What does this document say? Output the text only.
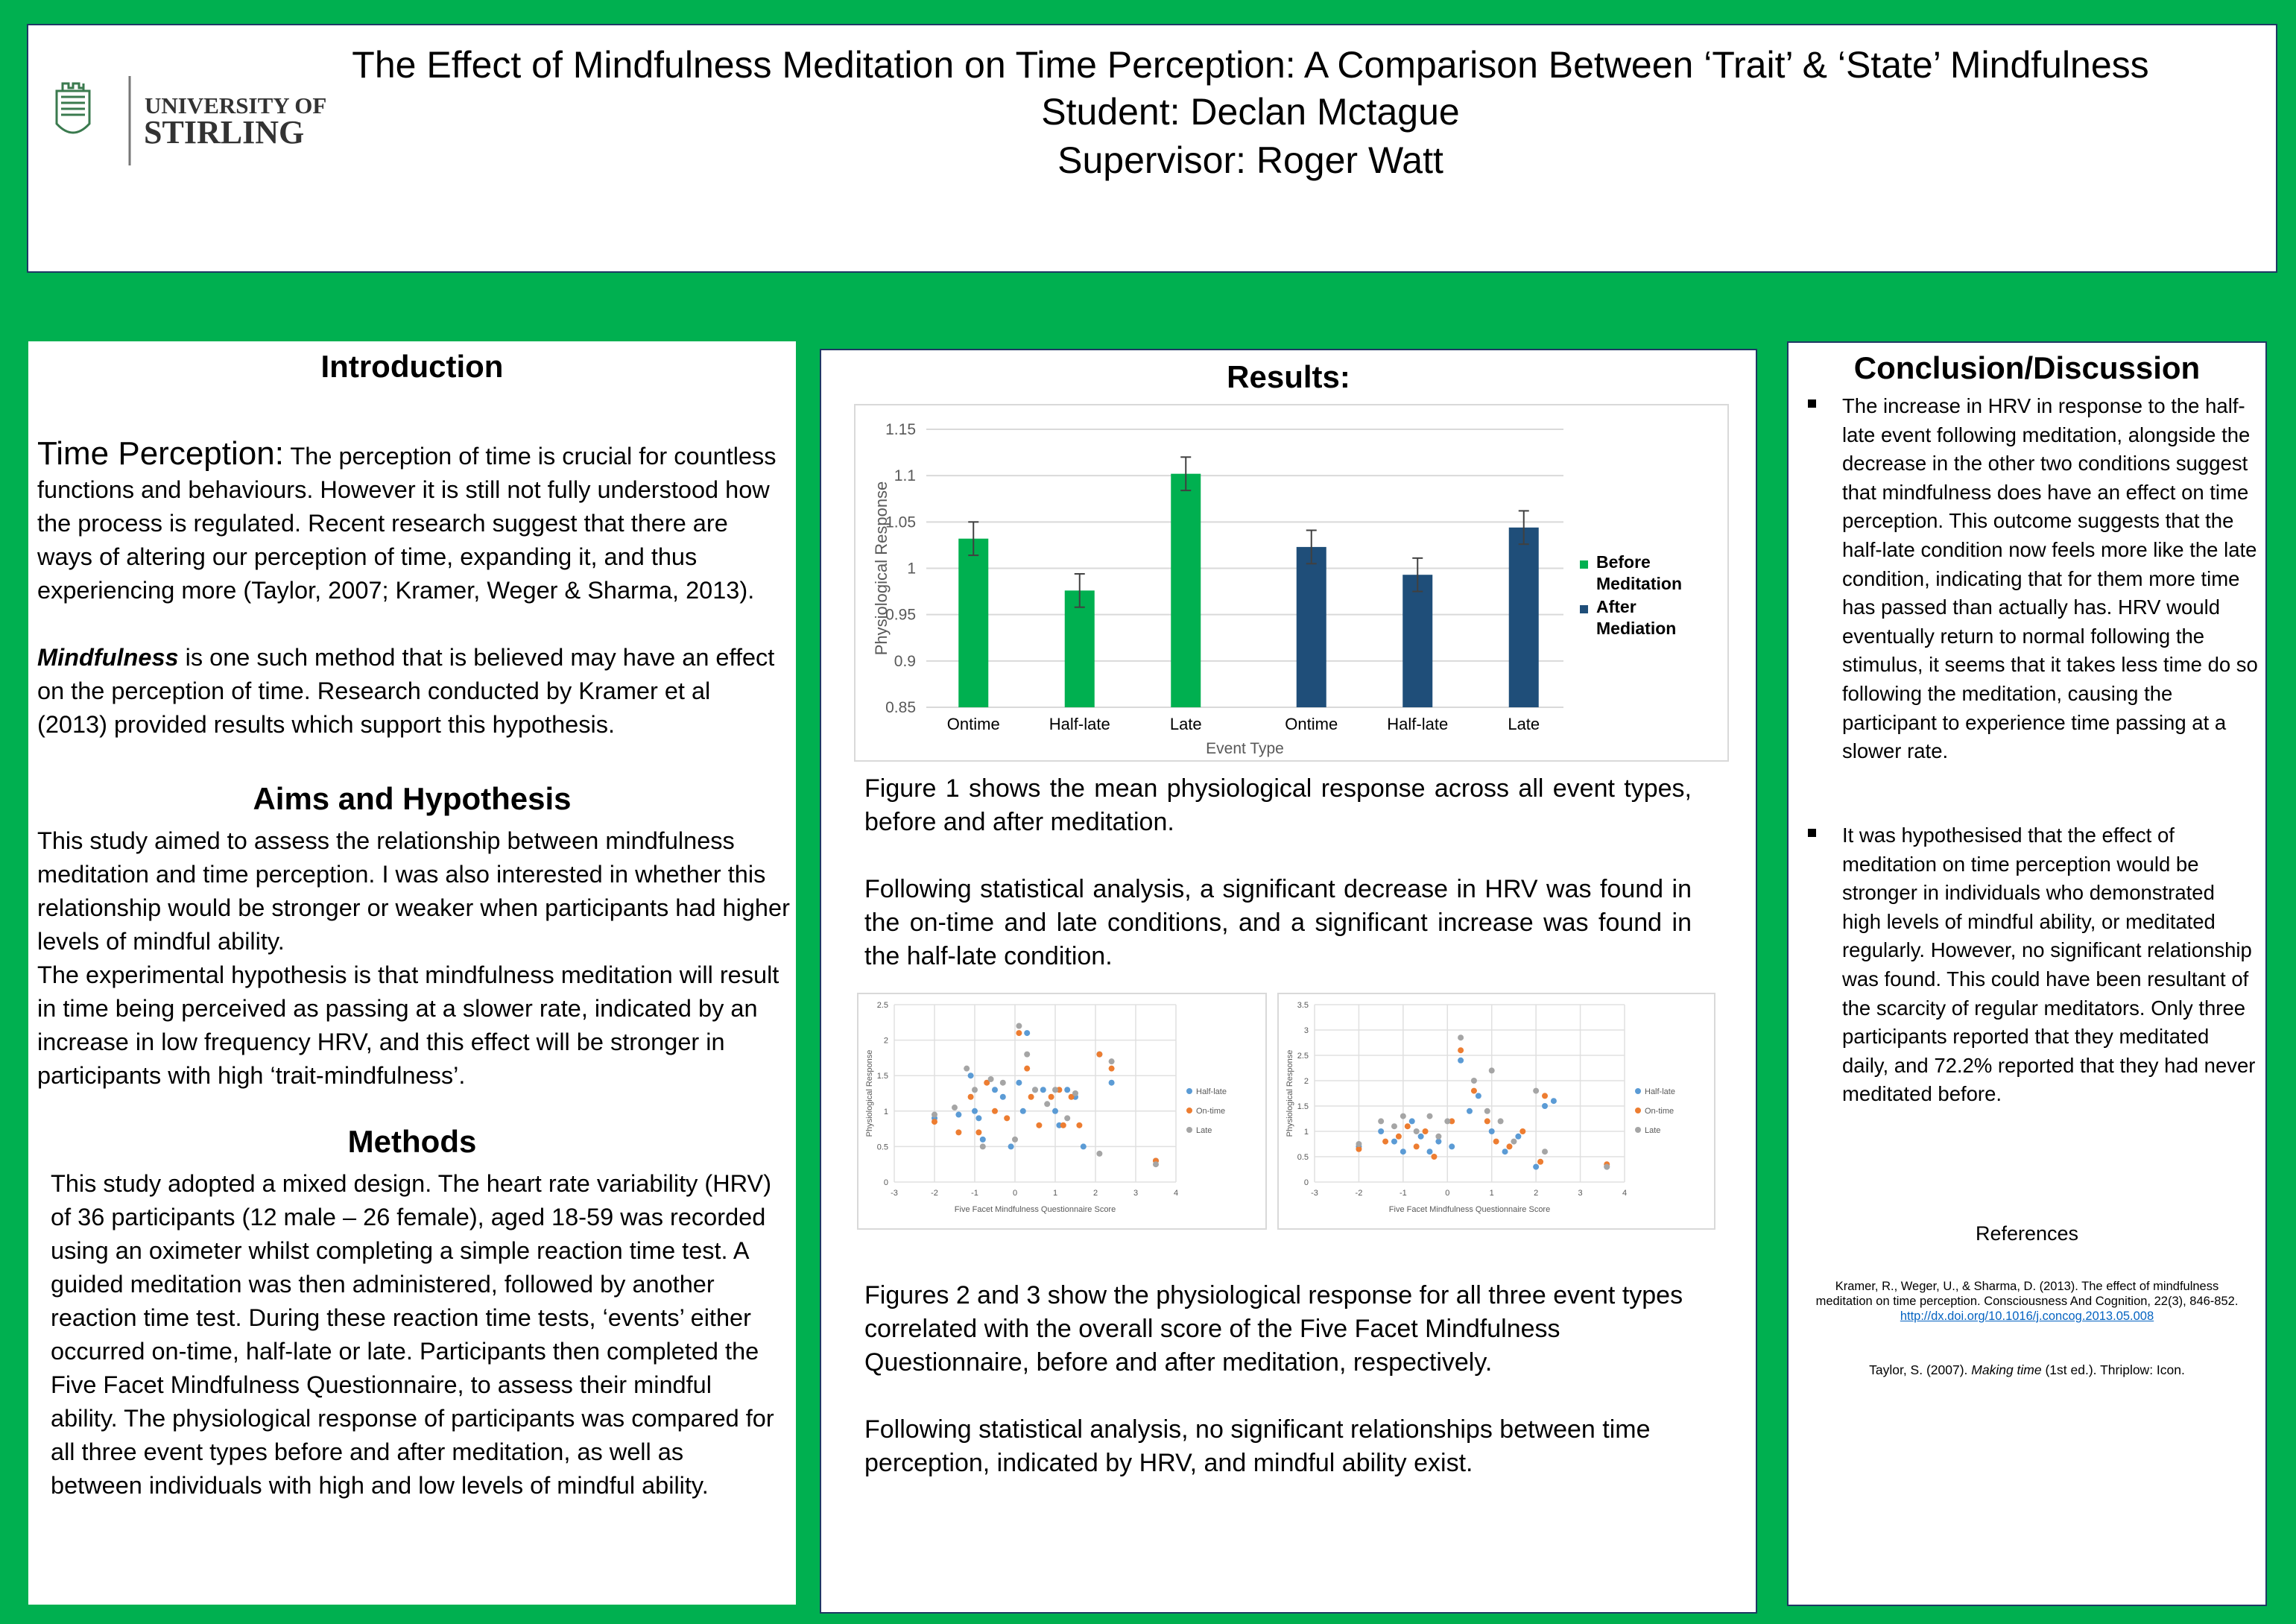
UNIVERSITY OF
STIRLING
The Effect of Mindfulness Meditation on Time Perception: A Comparison Between ‘Trait’ & ‘State’ Mindfulness
Student: Declan Mctague
Supervisor: Roger Watt
Introduction

Time Perception: The perception of time is crucial for countless functions and behaviours. However it is still not fully understood how the process is regulated. Recent research suggest that there are ways of altering our perception of time, expanding it, and thus experiencing more (Taylor, 2007; Kramer, Weger & Sharma, 2013).

Mindfulness is one such method that is believed may have an effect on the perception of time. Research conducted by Kramer et al (2013) provided results which support this hypothesis.

Aims and Hypothesis

This study aimed to assess the relationship between mindfulness meditation and time perception. I was also interested in whether this relationship would be stronger or weaker when participants had higher levels of mindful ability.

The experimental hypothesis is that mindfulness meditation will result in time being perceived as passing at a slower rate, indicated by an increase in low frequency HRV, and this effect will be stronger in participants with high ‘trait-mindfulness’.

Methods
This study adopted a mixed design. The heart rate variability (HRV) of 36 participants (12 male – 26 female), aged 18-59 was recorded using an oximeter whilst completing a simple reaction time test. A guided meditation was then administered, followed by another reaction time test. During these reaction time tests, ‘events’ either occurred on-time, half-late or late. Participants then completed the Five Facet Mindfulness Questionnaire, to assess their mindful ability. The physiological response of participants was compared for all three event types before and after meditation, as well as between individuals with high and low levels of mindful ability.
Results:
1.15
1.1
1.05
1
0.95
0.9
0.85
Physiological Response
Ontime	Half-late	Late	Ontime	Half-late	Late
Event Type
Before
Meditation
After
Mediation

Figure 1 shows the mean physiological response across all event types, before and after meditation.

Following statistical analysis, a significant decrease in HRV was found in the on-time and late conditions, and a significant increase was found in the half-late condition.

2.5
2
1.5
1
0.5
0
-3	-2	-1	0	1	2	3	4
Physiological Response
Five Facet Mindfulness Questionnaire Score
Half-late
On-time
Late
3.5
3
2.5
2
1.5
1
0.5
0
-3	-2	-1	0	1	2	3	4
Physiological Response
Five Facet Mindfulness Questionnaire Score
Half-late
On-time
Late

Figures 2 and 3 show the physiological response for all three event types correlated with the overall score of the Five Facet Mindfulness Questionnaire, before and after meditation, respectively.

Following statistical analysis, no significant relationships between time perception, indicated by HRV, and mindful ability exist.

Conclusion/Discussion
The increase in HRV in response to the half-late event following meditation, alongside the decrease in the other two conditions suggest that mindfulness does have an effect on time perception. This outcome suggests that the half-late condition now feels more like the late condition, indicating that for them more time has passed than actually has. HRV would eventually return to normal following the stimulus, it seems that it takes less time do so following the meditation, causing the participant to experience time passing at a slower rate.
It was hypothesised that the effect of meditation on time perception would be stronger in individuals who demonstrated high levels of mindful ability, or meditated regularly. However, no significant relationship was found. This could have been resultant of the scarcity of regular meditators. Only three participants reported that they meditated daily, and 72.2% reported that they had never meditated before.
References
Kramer, R., Weger, U., & Sharma, D. (2013). The effect of mindfulness
meditation on time perception. Consciousness And Cognition, 22(3), 846-852.
http://dx.doi.org/10.1016/j.concog.2013.05.008
Taylor, S. (2007). Making time (1st ed.). Thriplow: Icon.
